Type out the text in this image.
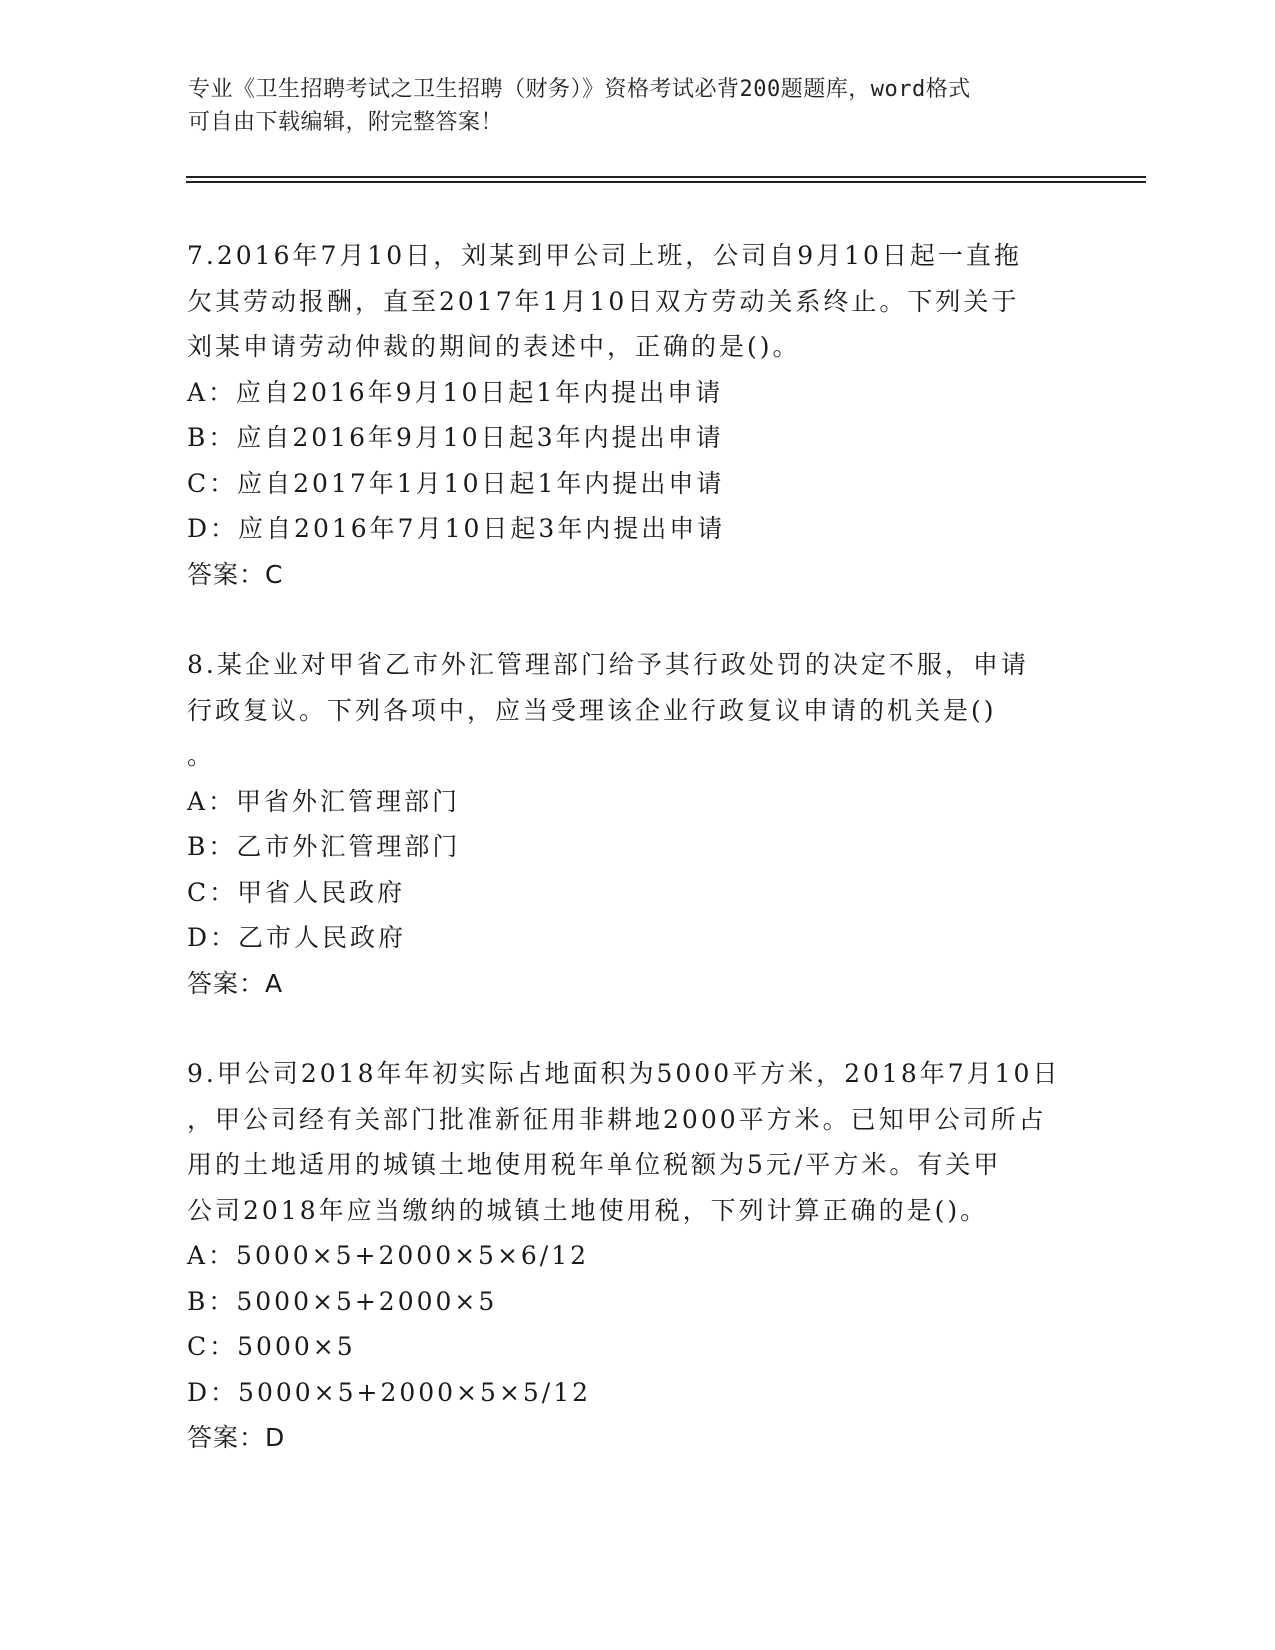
专业《卫生招聘考试之卫生招聘（财务）》资格考试必背200题题库，word格式
可自由下载编辑，附完整答案！
7.2016年7月10日，刘某到甲公司上班，公司自9月10日起一直拖
欠其劳动报酬，直至2017年1月10日双方劳动关系终止。下列关于
刘某申请劳动仲裁的期间的表述中，正确的是()。
A：应自2016年9月10日起1年内提出申请
B：应自2016年9月10日起3年内提出申请
C：应自2017年1月10日起1年内提出申请
D：应自2016年7月10日起3年内提出申请
答案：C
8.某企业对甲省乙市外汇管理部门给予其行政处罚的决定不服，申请
行政复议。下列各项中，应当受理该企业行政复议申请的机关是()
。
A：甲省外汇管理部门
B：乙市外汇管理部门
C：甲省人民政府
D：乙市人民政府
答案：A
9.甲公司2018年年初实际占地面积为5000平方米，2018年7月10日
，甲公司经有关部门批准新征用非耕地2000平方米。已知甲公司所占
用的土地适用的城镇土地使用税年单位税额为5元/平方米。有关甲
公司2018年应当缴纳的城镇土地使用税，下列计算正确的是()。
A：5000×5+2000×5×6/12
B：5000×5+2000×5
C：5000×5
D：5000×5+2000×5×5/12
答案：D
